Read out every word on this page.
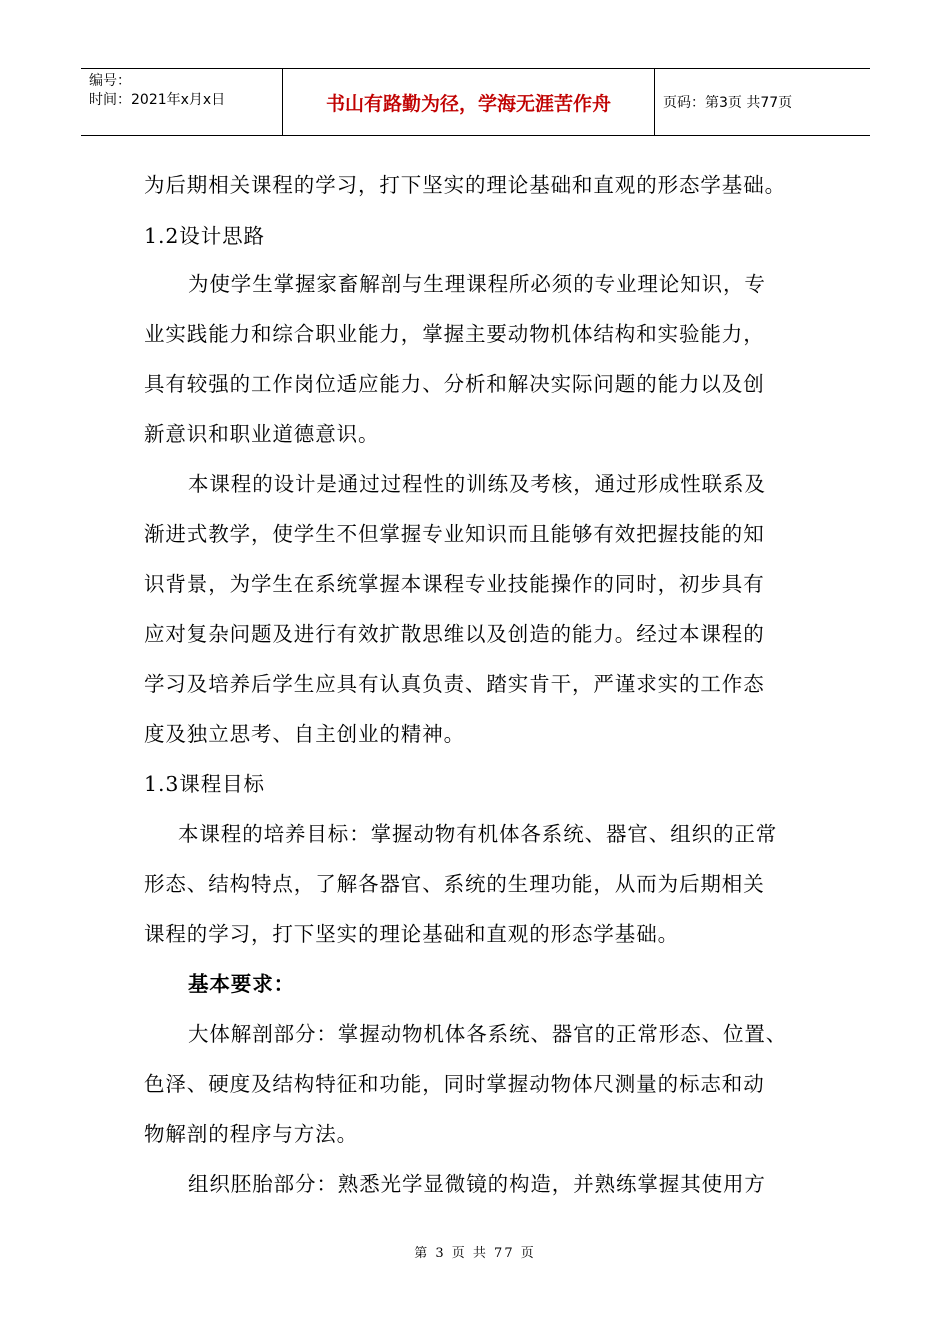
编号：
时间：2021年x月x日	书山有路勤为径，学海无涯苦作舟	页码：第3页 共77页
为后期相关课程的学习，打下坚实的理论基础和直观的形态学基础。
1.2设计思路
为使学生掌握家畜解剖与生理课程所必须的专业理论知识，专
业实践能力和综合职业能力，掌握主要动物机体结构和实验能力，
具有较强的工作岗位适应能力、分析和解决实际问题的能力以及创
新意识和职业道德意识。
本课程的设计是通过过程性的训练及考核，通过形成性联系及
渐进式教学，使学生不但掌握专业知识而且能够有效把握技能的知
识背景，为学生在系统掌握本课程专业技能操作的同时，初步具有
应对复杂问题及进行有效扩散思维以及创造的能力。经过本课程的
学习及培养后学生应具有认真负责、踏实肯干，严谨求实的工作态
度及独立思考、自主创业的精神。
1.3课程目标
本课程的培养目标：掌握动物有机体各系统、器官、组织的正常
形态、结构特点，了解各器官、系统的生理功能，从而为后期相关
课程的学习，打下坚实的理论基础和直观的形态学基础。
基本要求：
大体解剖部分：掌握动物机体各系统、器官的正常形态、位置、
色泽、硬度及结构特征和功能，同时掌握动物体尺测量的标志和动
物解剖的程序与方法。
组织胚胎部分：熟悉光学显微镜的构造，并熟练掌握其使用方
第 3 页 共 77 页
